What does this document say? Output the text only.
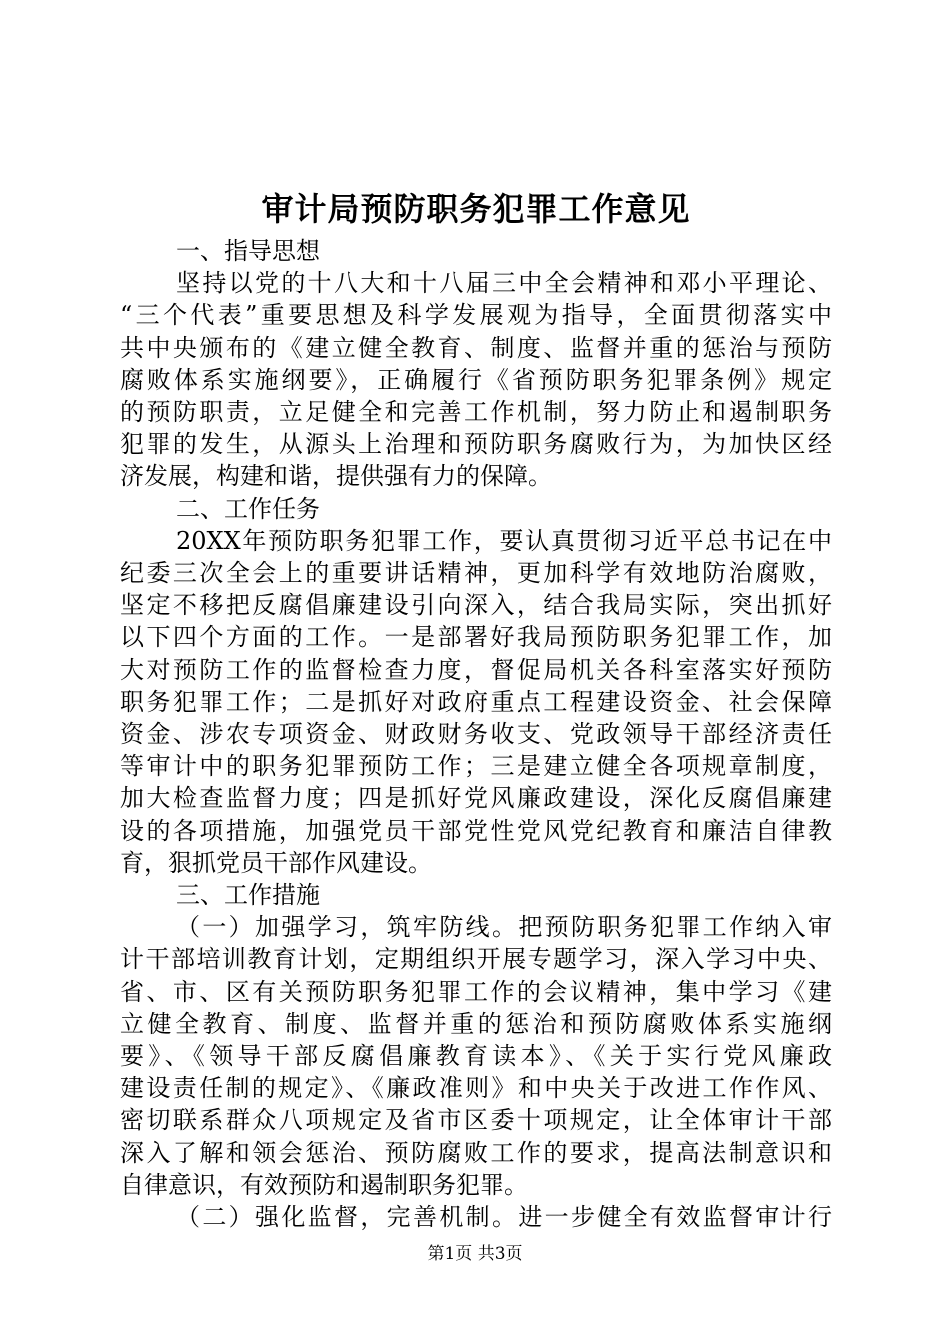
审计局预防职务犯罪工作意见
一、指导思想
坚持以党的十八大和十八届三中全会精神和邓小平理论、
“三个代表”重要思想及科学发展观为指导，全面贯彻落实中
共中央颁布的《建立健全教育、制度、监督并重的惩治与预防
腐败体系实施纲要》，正确履行《省预防职务犯罪条例》规定
的预防职责，立足健全和完善工作机制，努力防止和遏制职务
犯罪的发生，从源头上治理和预防职务腐败行为，为加快区经
济发展，构建和谐，提供强有力的保障。
二、工作任务
20XX年预防职务犯罪工作，要认真贯彻习近平总书记在中
纪委三次全会上的重要讲话精神，更加科学有效地防治腐败，
坚定不移把反腐倡廉建设引向深入，结合我局实际，突出抓好
以下四个方面的工作。一是部署好我局预防职务犯罪工作，加
大对预防工作的监督检查力度，督促局机关各科室落实好预防
职务犯罪工作；二是抓好对政府重点工程建设资金、社会保障
资金、涉农专项资金、财政财务收支、党政领导干部经济责任
等审计中的职务犯罪预防工作；三是建立健全各项规章制度，
加大检查监督力度；四是抓好党风廉政建设，深化反腐倡廉建
设的各项措施，加强党员干部党性党风党纪教育和廉洁自律教
育，狠抓党员干部作风建设。
三、工作措施
（一）加强学习，筑牢防线。把预防职务犯罪工作纳入审
计干部培训教育计划，定期组织开展专题学习，深入学习中央、
省、市、区有关预防职务犯罪工作的会议精神，集中学习《建
立健全教育、制度、监督并重的惩治和预防腐败体系实施纲
要》、《领导干部反腐倡廉教育读本》、《关于实行党风廉政
建设责任制的规定》、《廉政准则》和中央关于改进工作作风、
密切联系群众八项规定及省市区委十项规定，让全体审计干部
深入了解和领会惩治、预防腐败工作的要求，提高法制意识和
自律意识，有效预防和遏制职务犯罪。
（二）强化监督，完善机制。进一步健全有效监督审计行
第1页 共3页
